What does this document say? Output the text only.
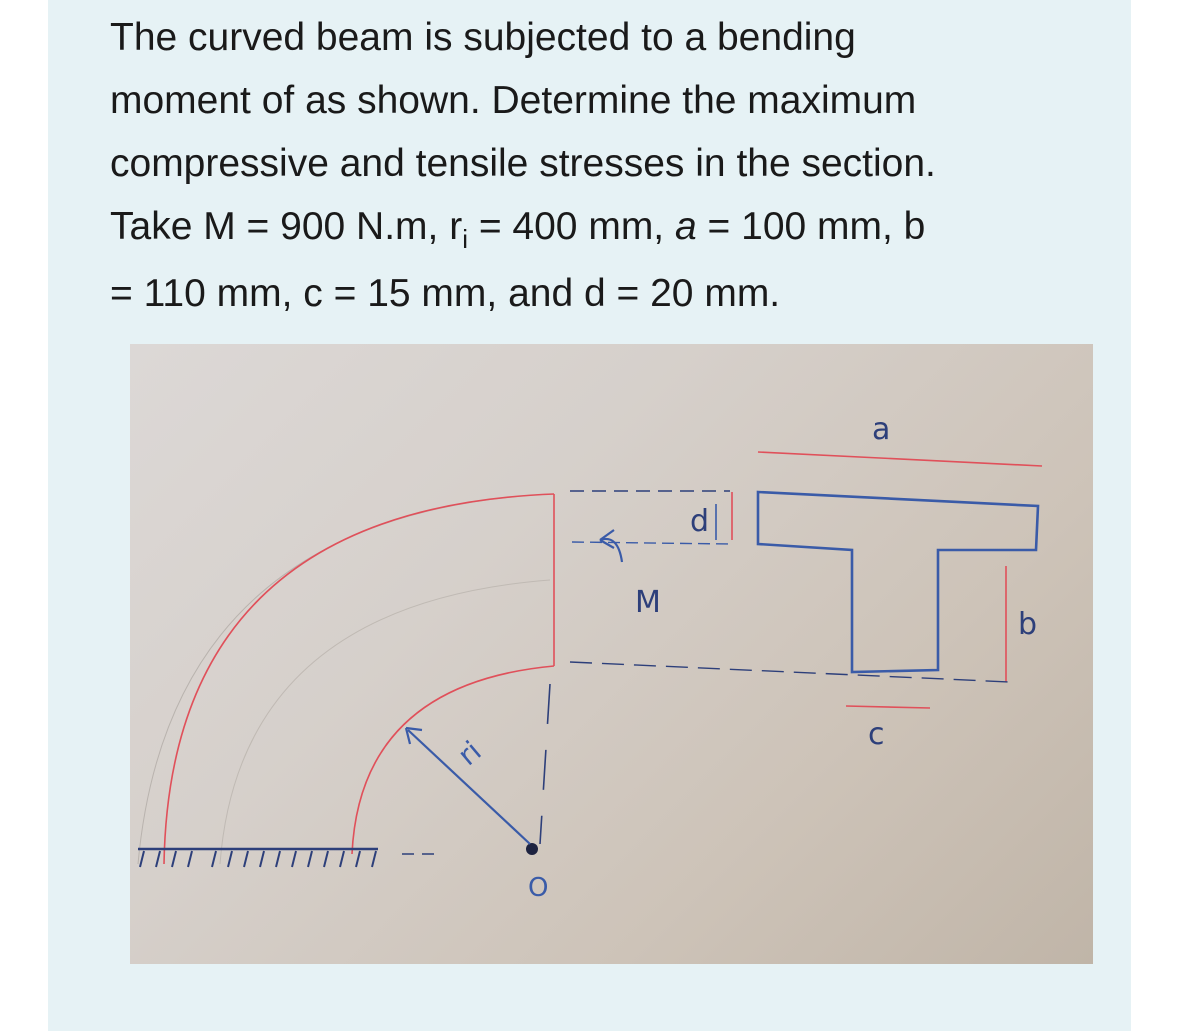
The curved beam is subjected to a bending
moment of as shown. Determine the maximum
compressive and tensile stresses in the section.
Take M = 900 N.m, $r_i = 400$ mm, a = 100 mm, b
= 110 mm, c = 15 mm, and d = 20 mm.
ri
O
M
d
a
b
c
